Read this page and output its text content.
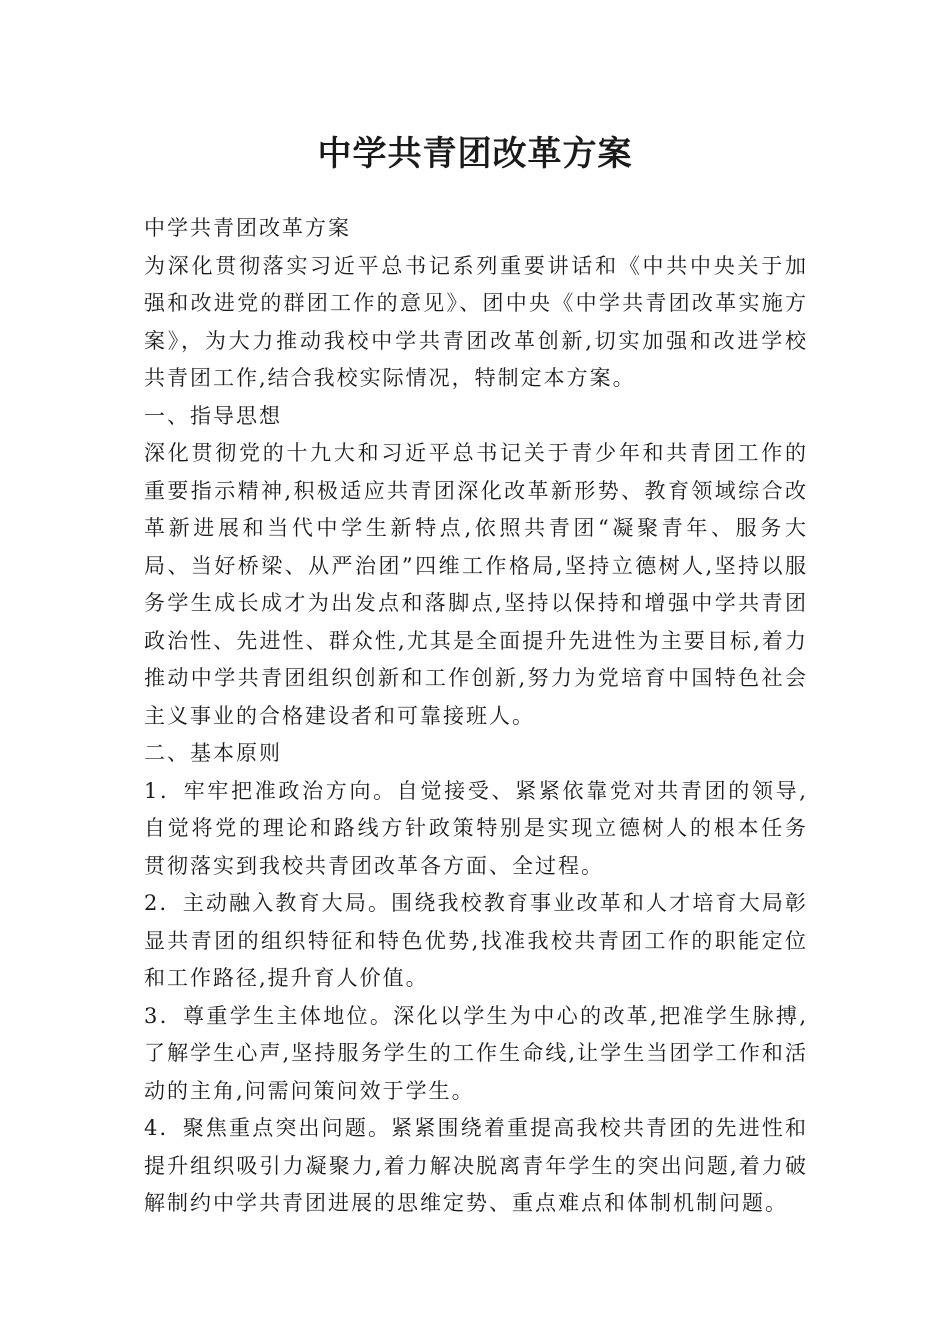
中学共青团改革方案

中学共青团改革方案

为深化贯彻落实习近平总书记系列重要讲话和《中共中央关于加强和改进党的群团工作的意见》、团中央《中学共青团改革实施方案》，为大力推动我校中学共青团改革创新,切实加强和改进学校共青团工作,结合我校实际情况，特制定本方案。

一、指导思想

深化贯彻党的十九大和习近平总书记关于青少年和共青团工作的重要指示精神,积极适应共青团深化改革新形势、教育领域综合改革新进展和当代中学生新特点,依照共青团“凝聚青年、服务大局、当好桥梁、从严治团”四维工作格局,坚持立德树人,坚持以服务学生成长成才为出发点和落脚点,坚持以保持和增强中学共青团政治性、先进性、群众性,尤其是全面提升先进性为主要目标,着力推动中学共青团组织创新和工作创新,努力为党培育中国特色社会主义事业的合格建设者和可靠接班人。

二、基本原则

1．牢牢把准政治方向。自觉接受、紧紧依靠党对共青团的领导,自觉将党的理论和路线方针政策特别是实现立德树人的根本任务贯彻落实到我校共青团改革各方面、全过程。

2．主动融入教育大局。围绕我校教育事业改革和人才培育大局彰显共青团的组织特征和特色优势,找准我校共青团工作的职能定位和工作路径,提升育人价值。

3．尊重学生主体地位。深化以学生为中心的改革,把准学生脉搏,了解学生心声,坚持服务学生的工作生命线,让学生当团学工作和活动的主角,问需问策问效于学生。

4．聚焦重点突出问题。紧紧围绕着重提高我校共青团的先进性和提升组织吸引力凝聚力,着力解决脱离青年学生的突出问题,着力破解制约中学共青团进展的思维定势、重点难点和体制机制问题。
